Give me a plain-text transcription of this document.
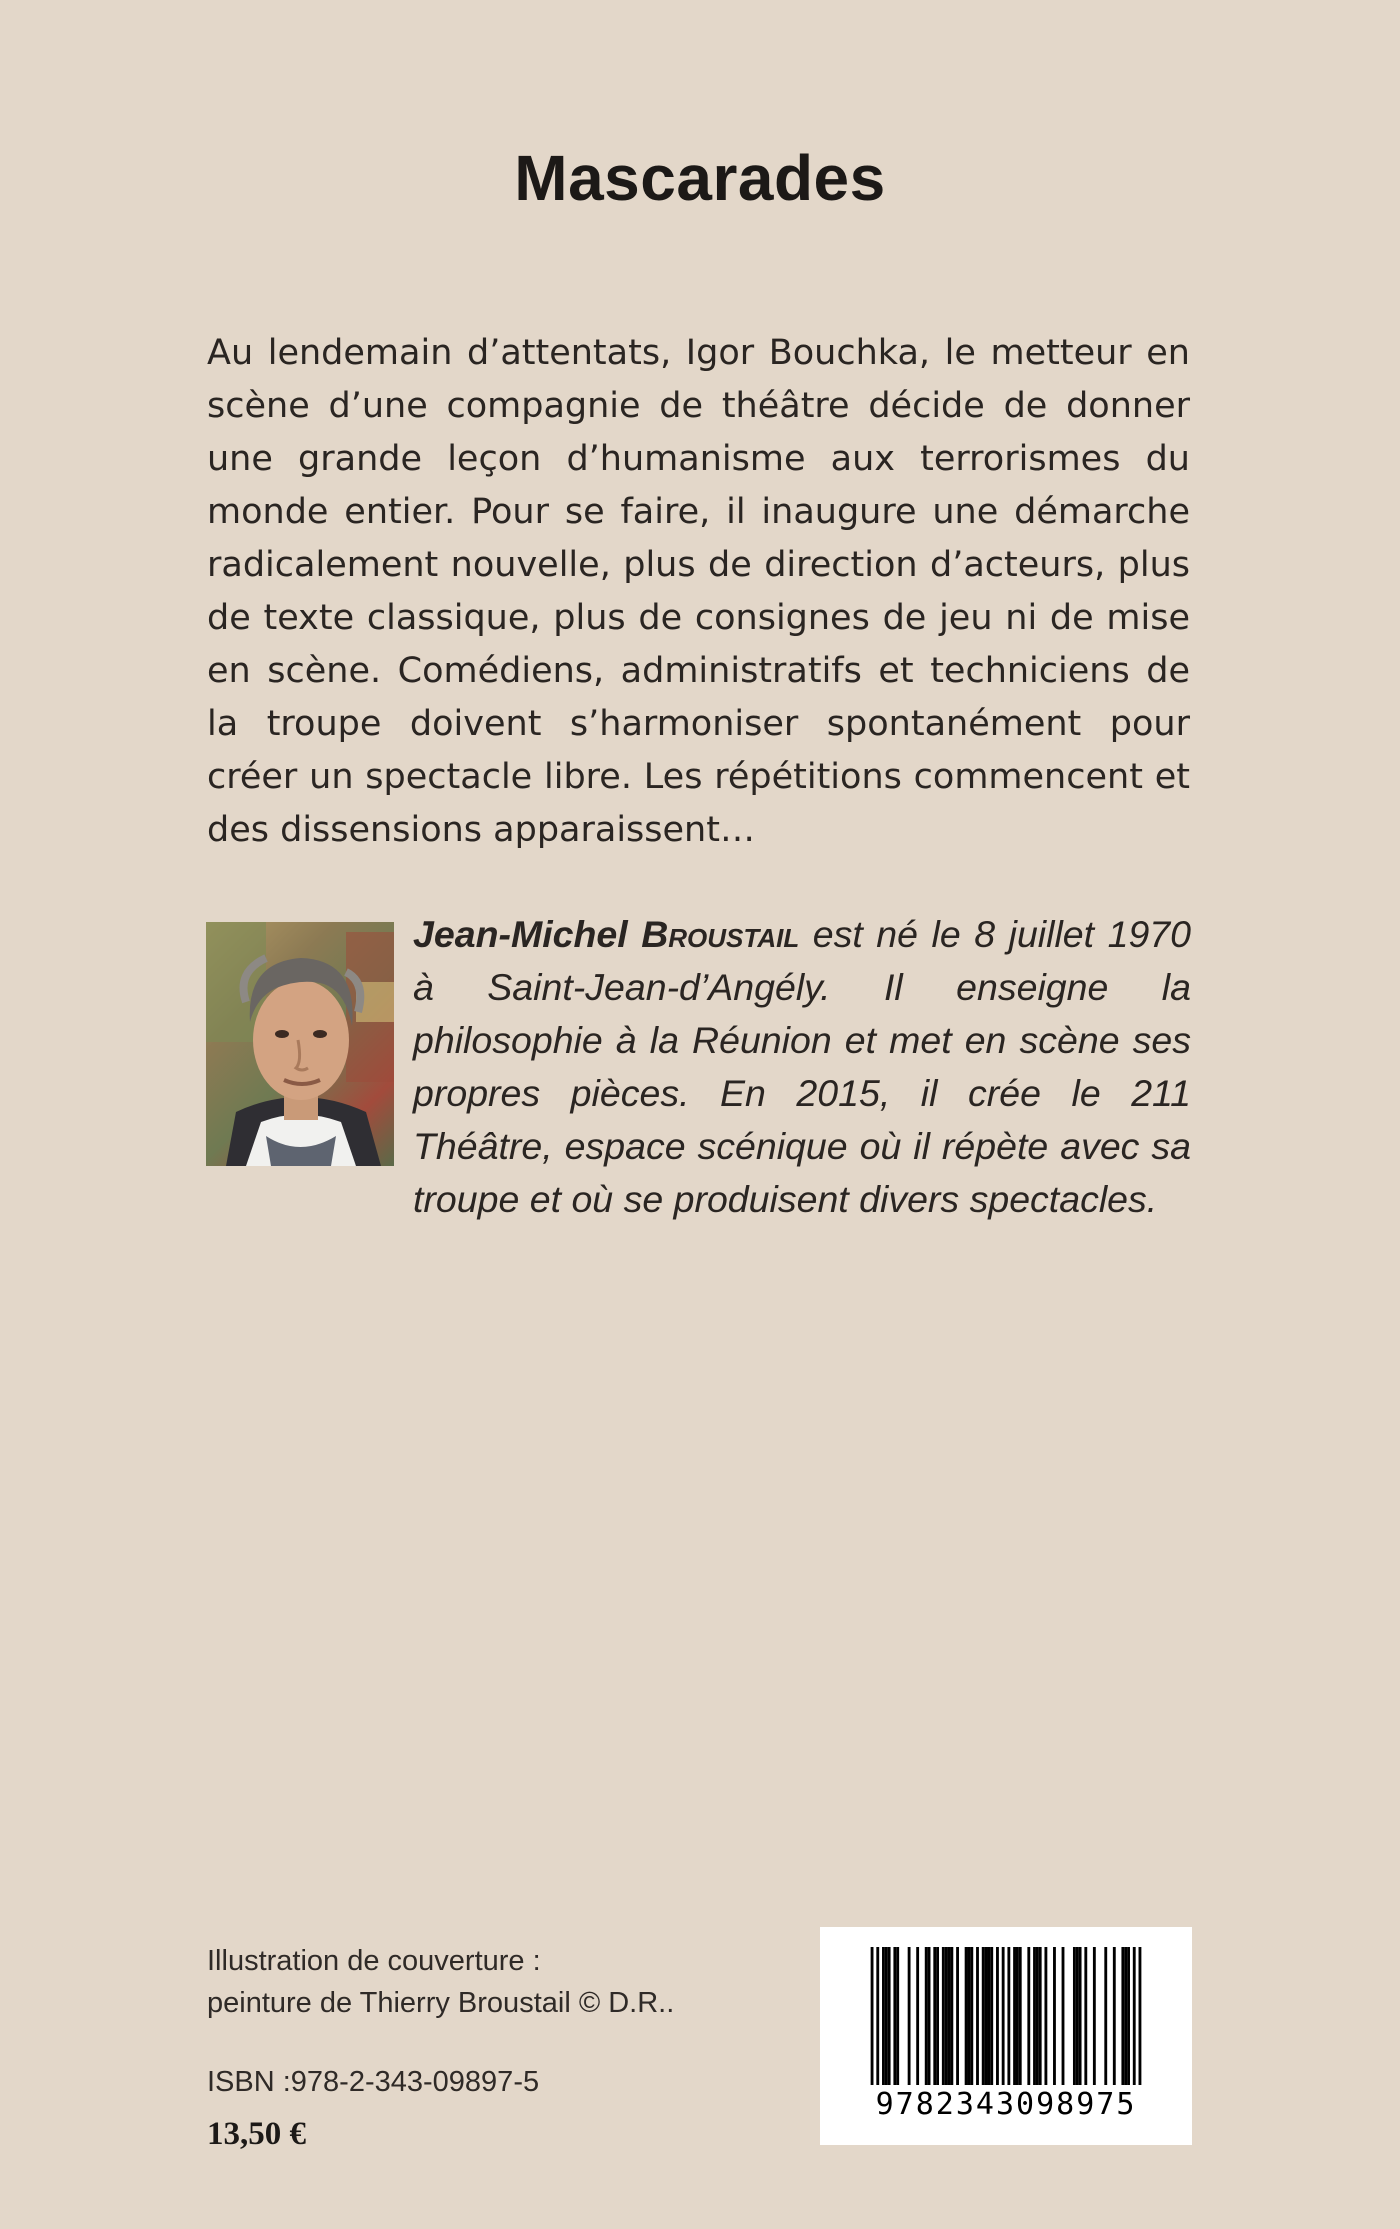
Mascarades

Au lendemain d’attentats, Igor Bouchka, le metteur en scène d’une compagnie de théâtre décide de donner une grande leçon d’humanisme aux terrorismes du monde entier. Pour se faire, il inaugure une démarche radicalement nouvelle, plus de direction d’acteurs, plus de texte classique, plus de consignes de jeu ni de mise en scène. Comédiens, administratifs et techniciens de la troupe doivent s’harmoniser spontanément pour créer un spectacle libre. Les répétitions commencent et des dissensions apparaissent…

Jean-Michel Broustail est né le 8 juillet 1970 à Saint-Jean-d’Angély. Il enseigne la philosophie à la Réunion et met en scène ses propres pièces. En 2015, il crée le 211 Théâtre, espace scénique où il répète avec sa troupe et où se produisent divers spectacles.

Illustration de couverture :
peinture de Thierry Broustail © D.R..
ISBN :978-2-343-09897-5
13,50 €
9782343098975
